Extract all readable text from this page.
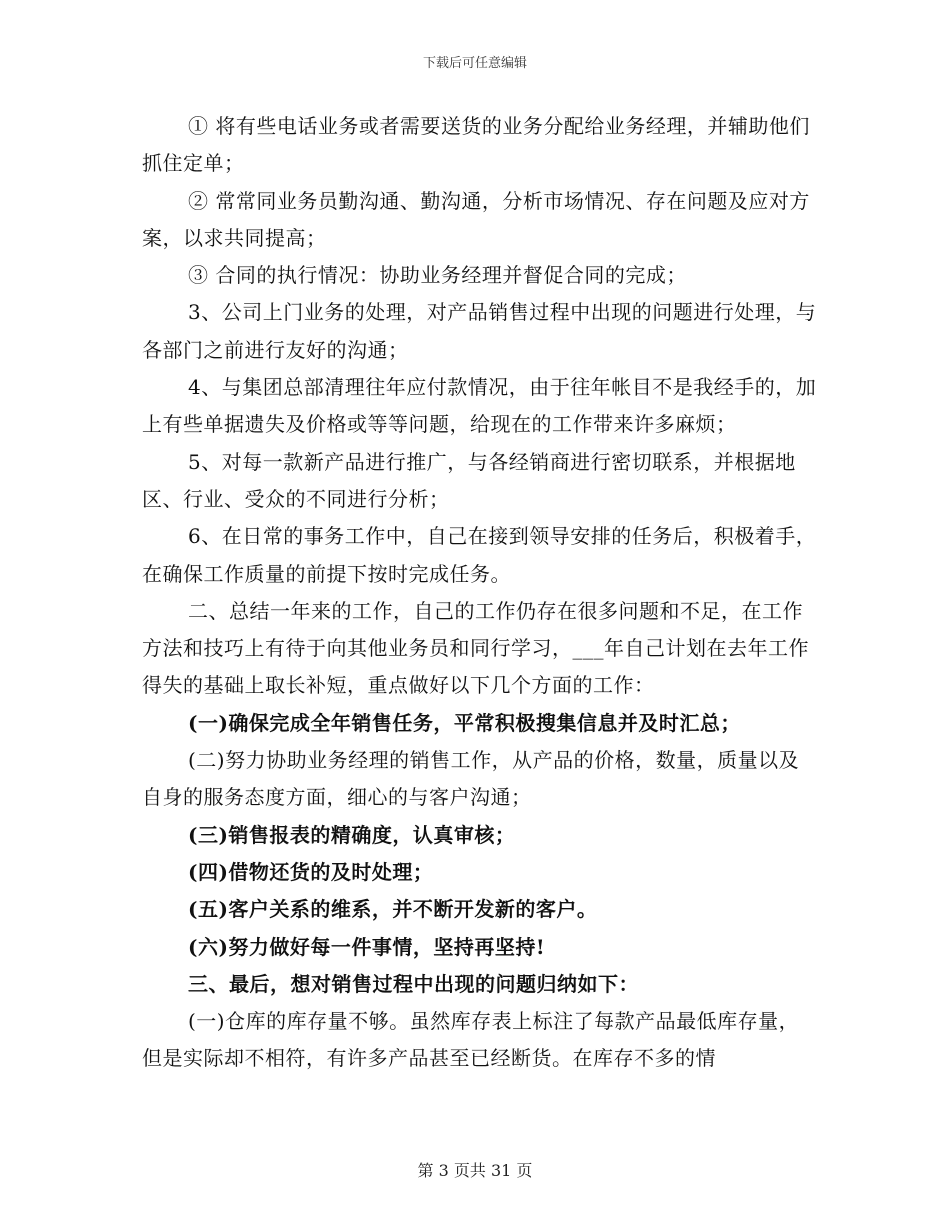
下载后可任意编辑

① 将有些电话业务或者需要送货的业务分配给业务经理，并辅助他们抓住定单；

② 常常同业务员勤沟通、勤沟通，分析市场情况、存在问题及应对方案，以求共同提高；

③ 合同的执行情况：协助业务经理并督促合同的完成；

3、公司上门业务的处理，对产品销售过程中出现的问题进行处理，与各部门之前进行友好的沟通；

4、与集团总部清理往年应付款情况，由于往年帐目不是我经手的，加上有些单据遗失及价格或等等问题，给现在的工作带来许多麻烦；

5、对每一款新产品进行推广，与各经销商进行密切联系，并根据地区、行业、受众的不同进行分析；

6、在日常的事务工作中，自己在接到领导安排的任务后，积极着手，在确保工作质量的前提下按时完成任务。

二、总结一年来的工作，自己的工作仍存在很多问题和不足，在工作方法和技巧上有待于向其他业务员和同行学习，___年自己计划在去年工作得失的基础上取长补短，重点做好以下几个方面的工作：

(一)确保完成全年销售任务，平常积极搜集信息并及时汇总；

(二)努力协助业务经理的销售工作，从产品的价格，数量，质量以及自身的服务态度方面，细心的与客户沟通；

(三)销售报表的精确度，认真审核；

(四)借物还货的及时处理；

(五)客户关系的维系，并不断开发新的客户。

(六)努力做好每一件事情，坚持再坚持!

三、最后，想对销售过程中出现的问题归纳如下：

(一)仓库的库存量不够。虽然库存表上标注了每款产品最低库存量，但是实际却不相符，有许多产品甚至已经断货。在库存不多的情

第 3 页共 31 页
